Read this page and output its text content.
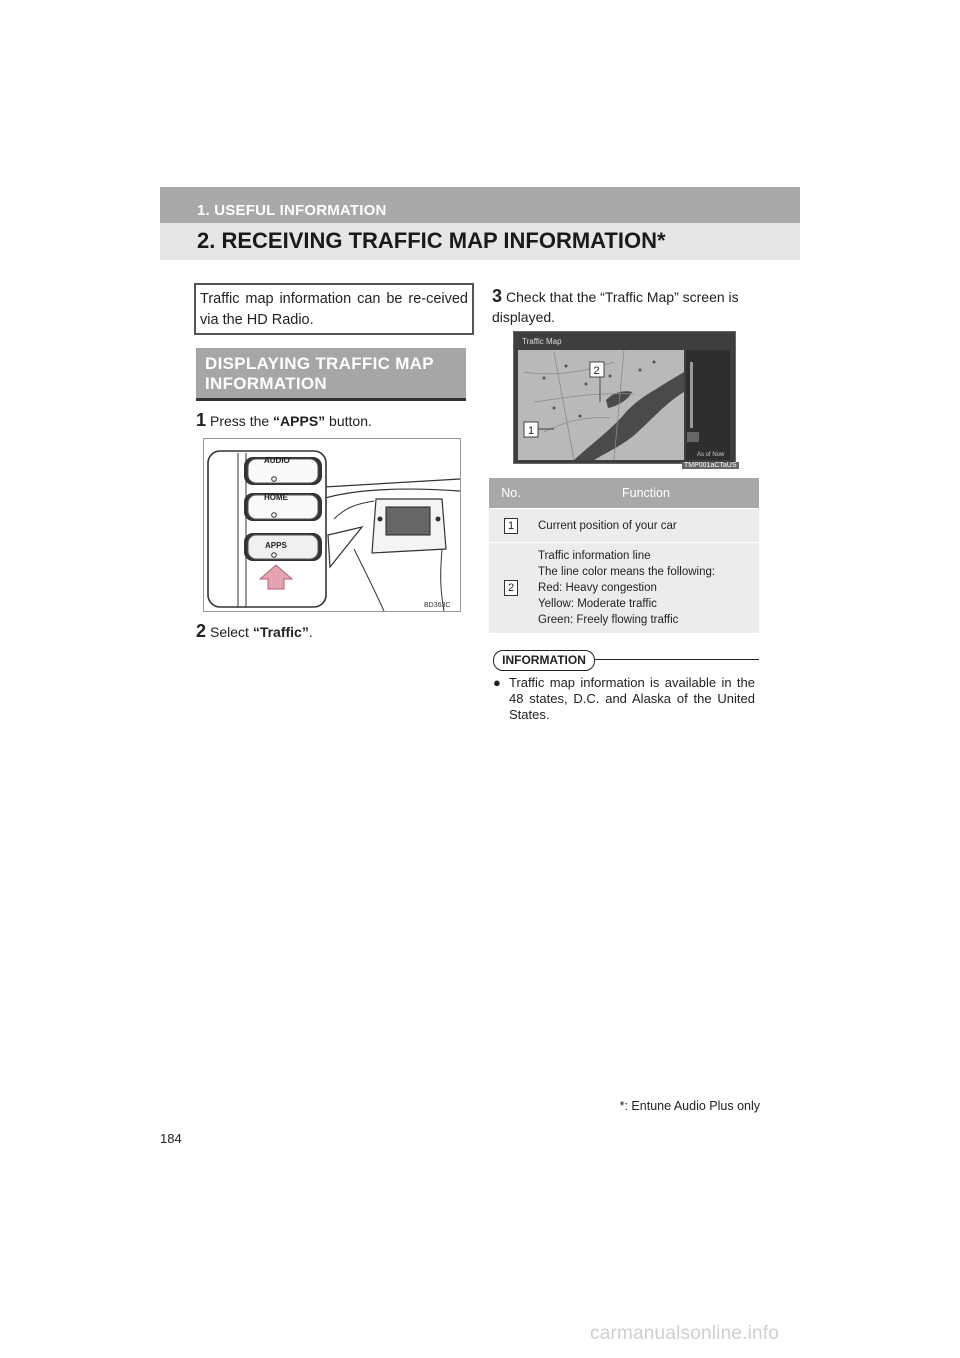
1. USEFUL INFORMATION
2. RECEIVING TRAFFIC MAP INFORMATION*
Traffic map information can be re-ceived via the HD Radio.
DISPLAYING TRAFFIC MAP INFORMATION
1 Press the “APPS” button.
AUDIO
HOME
APPS
BD363C
2 Select “Traffic”.
3 Check that the “Traffic Map” screen is displayed.
Traffic Map
As of Now
2
1
TMP001aCTaUS
No.	Function
1	Current position of your car
2	Traffic information line
The line color means the following:
Red: Heavy congestion
Yellow: Moderate traffic
Green: Freely flowing traffic
INFORMATION
● Traffic map information is available in the 48 states, D.C. and Alaska of the United States.
*: Entune Audio Plus only
184
carmanualsonline.info
